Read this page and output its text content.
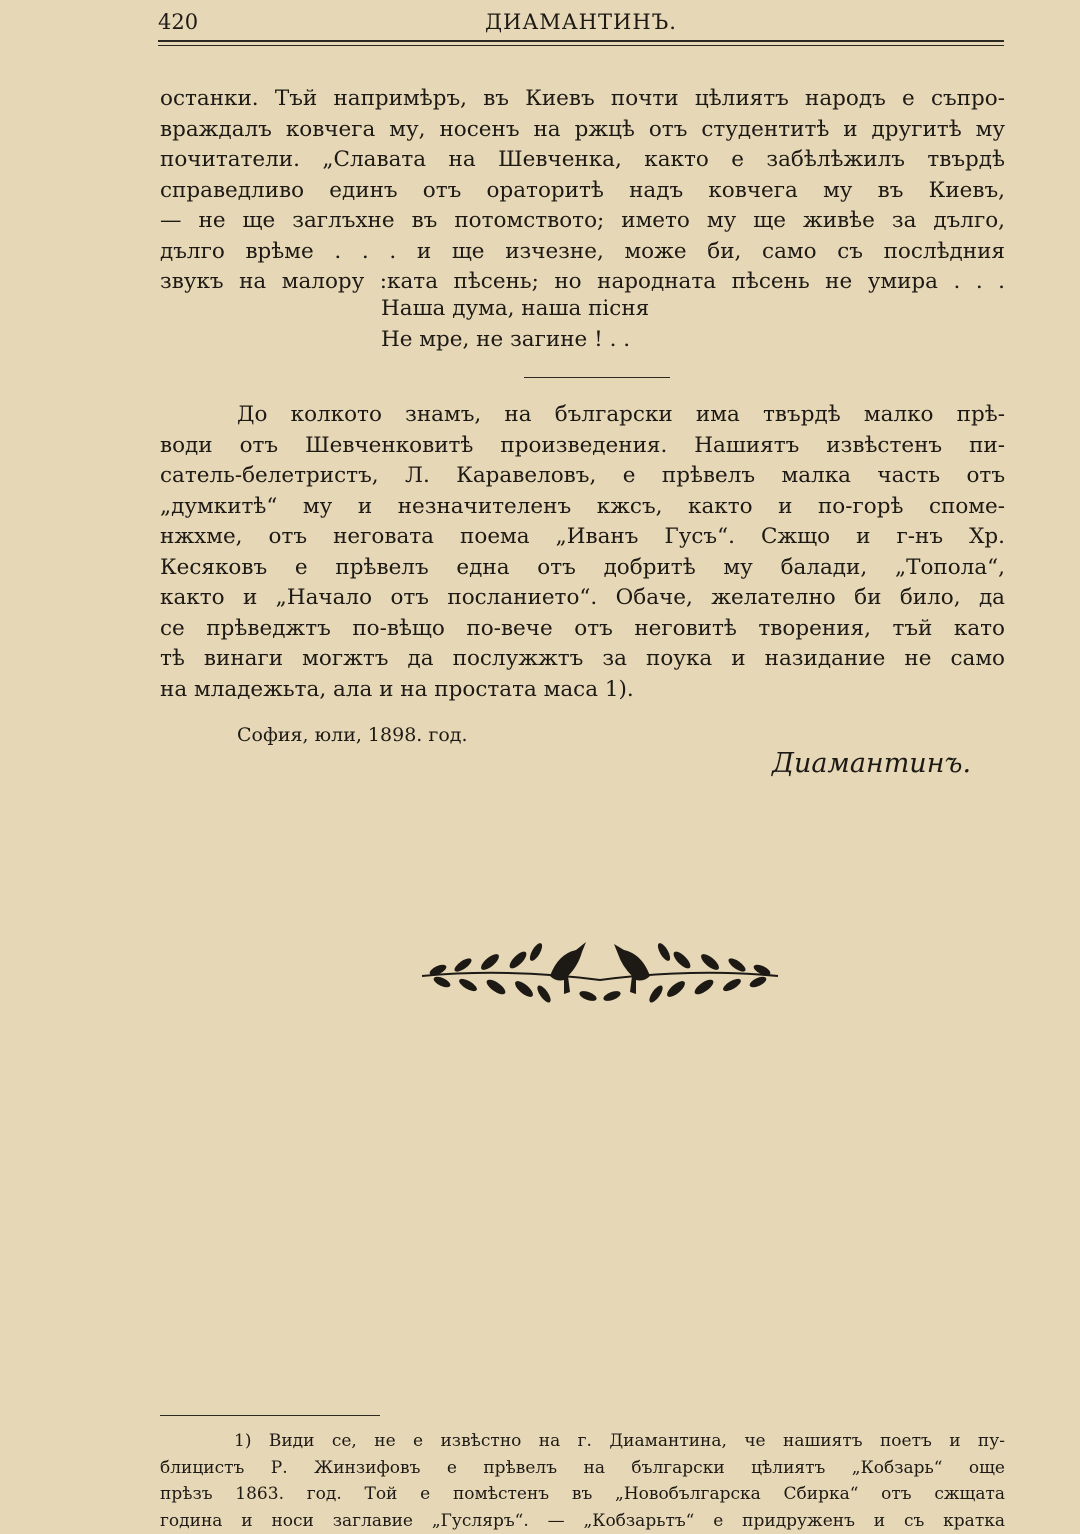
420	ДИАМАНТИНЪ.
останки. Тъй напримѣръ, въ Киевъ почти цѣлиятъ народъ е съпро-
враждалъ ковчега му, носенъ на ржцѣ отъ студентитѣ и другитѣ му
почитатели. „Славата на Шевченка, както е забѣлѣжилъ твърдѣ
справедливо единъ отъ ораторитѣ надъ ковчега му въ Киевъ,
— не ще заглъхне въ потомството; името му ще живѣе за дълго,
дълго врѣме . . . и ще изчезне, може би, само съ послѣдния
звукъ на малору :ката пѣсень; но народната пѣсень не умира . . .
Наша дума, наша пiсня
Не мре, не загине ! . .
До колкото знамъ, на български има твърдѣ малко прѣ-
води отъ Шевченковитѣ произведения. Нашиятъ извѣстенъ пи-
сатель-белетристъ, Л. Каравеловъ, е прѣвелъ малка часть отъ
„думкитѣ“ му и незначителенъ кжсъ, както и по-горѣ споме-
нжхме, отъ неговата поема „Иванъ Гусъ“. Сжщо и г-нъ Хр.
Кесяковъ е прѣвелъ една отъ добритѣ му балади, „Топола“,
както и „Начало отъ посланието“. Обаче, желателно би било, да
се прѣведжтъ по-вѣщо по-вече отъ неговитѣ творения, тъй като
тѣ винаги могжтъ да послужжтъ за поука и назидание не само
на младежьта, ала и на простата маса 1).
София, юли, 1898. год.
Диамантинъ.
1) Види се, не е извѣстно на г. Диамантина, че нашиятъ поетъ и пу-
блицистъ Р. Жинзифовъ е прѣвелъ на български цѣлиятъ „Кобзарь“ още
прѣзъ 1863. год. Той е помѣстенъ въ „Новобългарска Сбирка“ отъ сжщата
година и носи заглавие „Гусляръ“. — „Кобзарьтъ“ е придруженъ и съ кратка
